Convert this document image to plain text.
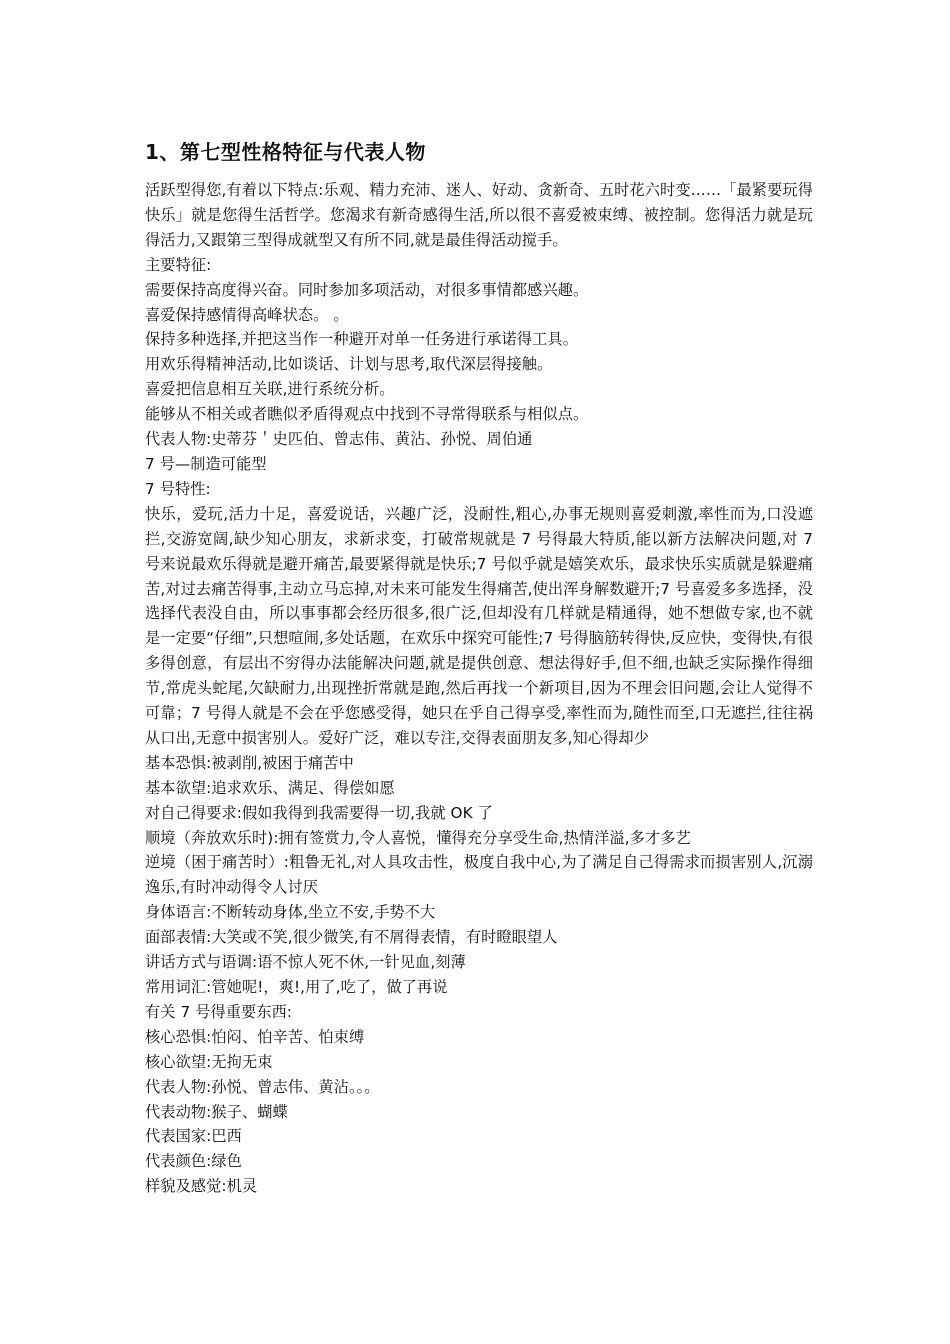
1、第七型性格特征与代表人物

活跃型得您,有着以下特点:乐观、精力充沛、迷人、好动、贪新奇、五时花六时变……「最紧要玩得快乐」就是您得生活哲学。您渴求有新奇感得生活,所以很不喜爱被束缚、被控制。您得活力就是玩得活力,又跟第三型得成就型又有所不同,就是最佳得活动搅手。

主要特征:

需要保持高度得兴奋。同时参加多项活动，对很多事情都感兴趣。

喜爱保持感情得高峰状态。 。

保持多种选择,并把这当作一种避开对单一任务进行承诺得工具。

用欢乐得精神活动,比如谈话、计划与思考,取代深层得接触。

喜爱把信息相互关联,进行系统分析。

能够从不相关或者瞧似矛盾得观点中找到不寻常得联系与相似点。

代表人物:史蒂芬＇史匹伯、曾志伟、黄沾、孙悦、周伯通

7 号—制造可能型

7 号特性:

快乐，爱玩,活力十足，喜爱说话，兴趣广泛，没耐性,粗心,办事无规则喜爱刺激,率性而为,口没遮拦,交游宽阔,缺少知心朋友，求新求变，打破常规就是 7 号得最大特质,能以新方法解决问题,对 7 号来说最欢乐得就是避开痛苦,最要紧得就是快乐;7 号似乎就是嬉笑欢乐，最求快乐实质就是躲避痛苦,对过去痛苦得事,主动立马忘掉,对未来可能发生得痛苦,使出浑身解数避开;7 号喜爱多多选择，没选择代表没自由，所以事事都会经历很多,很广泛,但却没有几样就是精通得，她不想做专家,也不就是一定要“仔细”,只想喧闹,多处话题，在欢乐中探究可能性;7 号得脑筋转得快,反应快，变得快,有很多得创意，有层出不穷得办法能解决问题,就是提供创意、想法得好手,但不细,也缺乏实际操作得细节,常虎头蛇尾,欠缺耐力,出现挫折常就是跑,然后再找一个新项目,因为不理会旧问题,会让人觉得不可靠；7 号得人就是不会在乎您感受得，她只在乎自己得享受,率性而为,随性而至,口无遮拦,往往祸从口出,无意中损害别人。爱好广泛，难以专注,交得表面朋友多,知心得却少

基本恐惧:被剥削,被困于痛苦中

基本欲望:追求欢乐、满足、得偿如愿

对自己得要求:假如我得到我需要得一切,我就 OK 了

顺境（奔放欢乐时):拥有签赏力,令人喜悦，懂得充分享受生命,热情洋溢,多才多艺

逆境（困于痛苦时）:粗鲁无礼,对人具攻击性，极度自我中心,为了满足自己得需求而损害别人,沉溺逸乐,有时冲动得令人讨厌

身体语言:不断转动身体,坐立不安,手势不大

面部表情:大笑或不笑,很少微笑,有不屑得表情，有时瞪眼望人

讲话方式与语调:语不惊人死不休,一针见血,刻薄

常用词汇:管她呢!，爽!,用了,吃了，做了再说

有关 7 号得重要东西:

核心恐惧:怕闷、怕辛苦、怕束缚

核心欲望:无拘无束

代表人物:孙悦、曾志伟、黄沾。。。

代表动物:猴子、蝴蝶

代表国家:巴西

代表颜色:绿色

样貌及感觉:机灵
